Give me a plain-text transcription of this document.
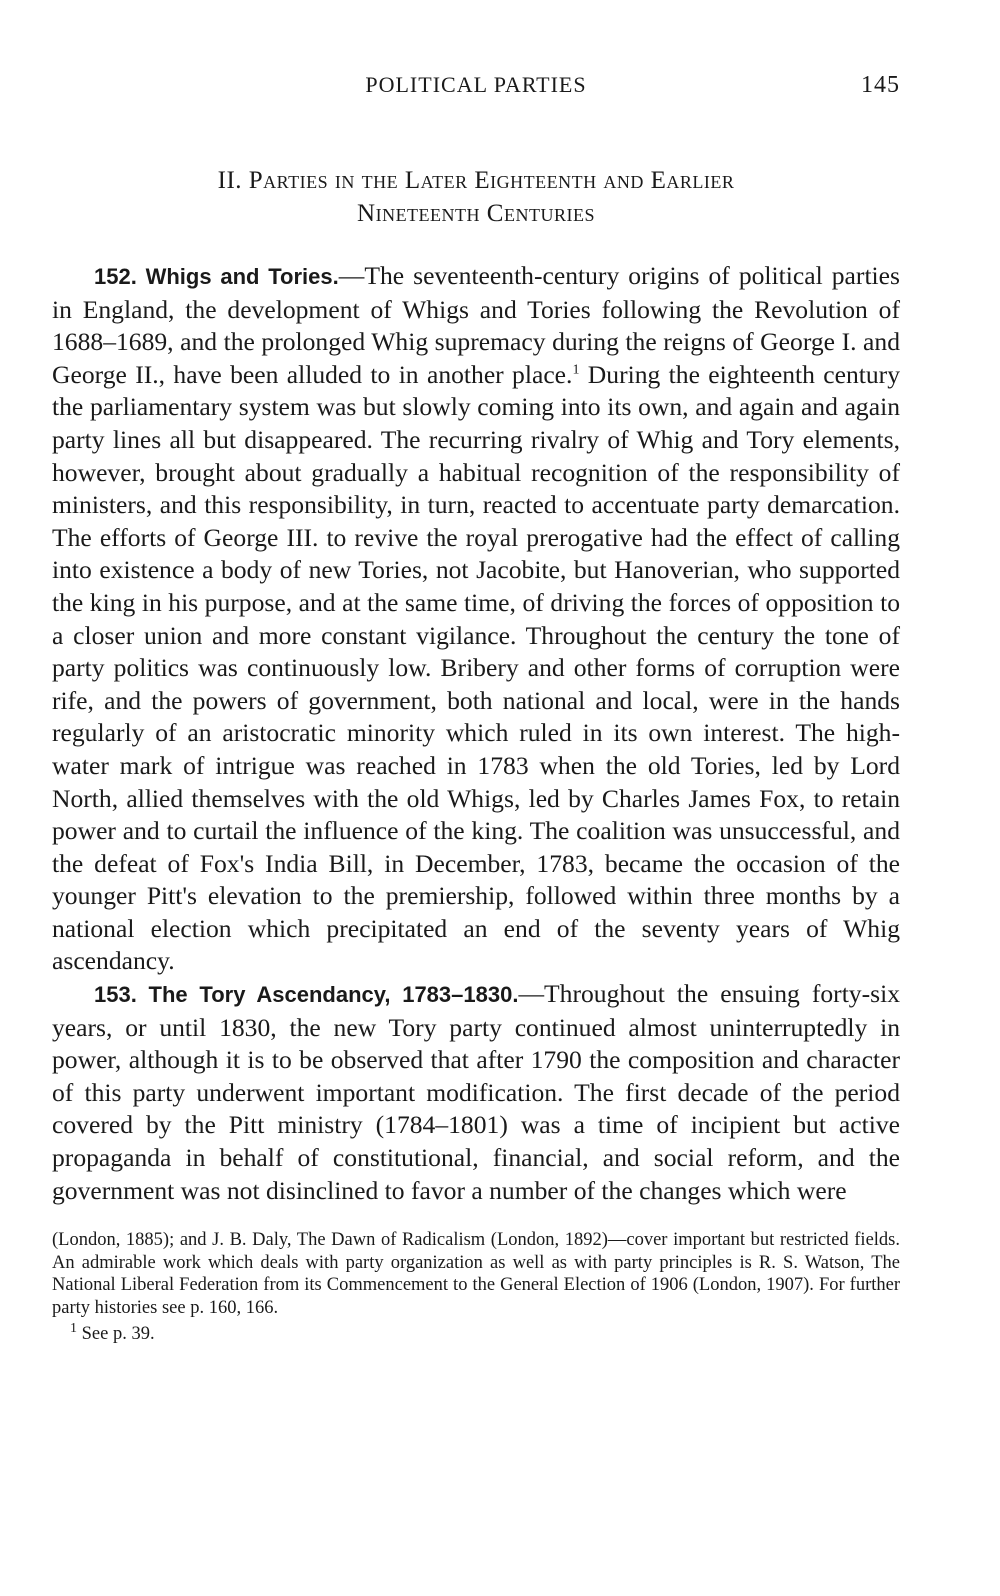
POLITICAL PARTIES	145
II. Parties in the Later Eighteenth and Earlier
Nineteenth Centuries

152. Whigs and Tories.—The seventeenth-century origins of political parties in England, the development of Whigs and Tories following the Revolution of 1688–1689, and the prolonged Whig supremacy during the reigns of George I. and George II., have been alluded to in another place.$^1$ During the eighteenth century the parliamentary system was but slowly coming into its own, and again and again party lines all but disappeared. The recurring rivalry of Whig and Tory elements, however, brought about gradually a habitual recognition of the responsibility of ministers, and this responsibility, in turn, reacted to accentuate party demarcation. The efforts of George III. to revive the royal prerogative had the effect of calling into existence a body of new Tories, not Jacobite, but Hanoverian, who supported the king in his purpose, and at the same time, of driving the forces of opposition to a closer union and more constant vigilance. Throughout the century the tone of party politics was continuously low. Bribery and other forms of corruption were rife, and the powers of government, both national and local, were in the hands regularly of an aristocratic minority which ruled in its own interest. The high-water mark of intrigue was reached in 1783 when the old Tories, led by Lord North, allied themselves with the old Whigs, led by Charles James Fox, to retain power and to curtail the influence of the king. The coalition was unsuccessful, and the defeat of Fox's India Bill, in December, 1783, became the occasion of the younger Pitt's elevation to the premiership, followed within three months by a national election which precipitated an end of the seventy years of Whig ascendancy.

153. The Tory Ascendancy, 1783–1830.—Throughout the ensuing forty-six years, or until 1830, the new Tory party continued almost uninterruptedly in power, although it is to be observed that after 1790 the composition and character of this party underwent important modification. The first decade of the period covered by the Pitt ministry (1784–1801) was a time of incipient but active propaganda in behalf of constitutional, financial, and social reform, and the government was not disinclined to favor a number of the changes which were

(London, 1885); and J. B. Daly, The Dawn of Radicalism (London, 1892)—cover important but restricted fields. An admirable work which deals with party organization as well as with party principles is R. S. Watson, The National Liberal Federation from its Commencement to the General Election of 1906 (London, 1907). For further party histories see p. 160, 166.

$^1$ See p. 39.
